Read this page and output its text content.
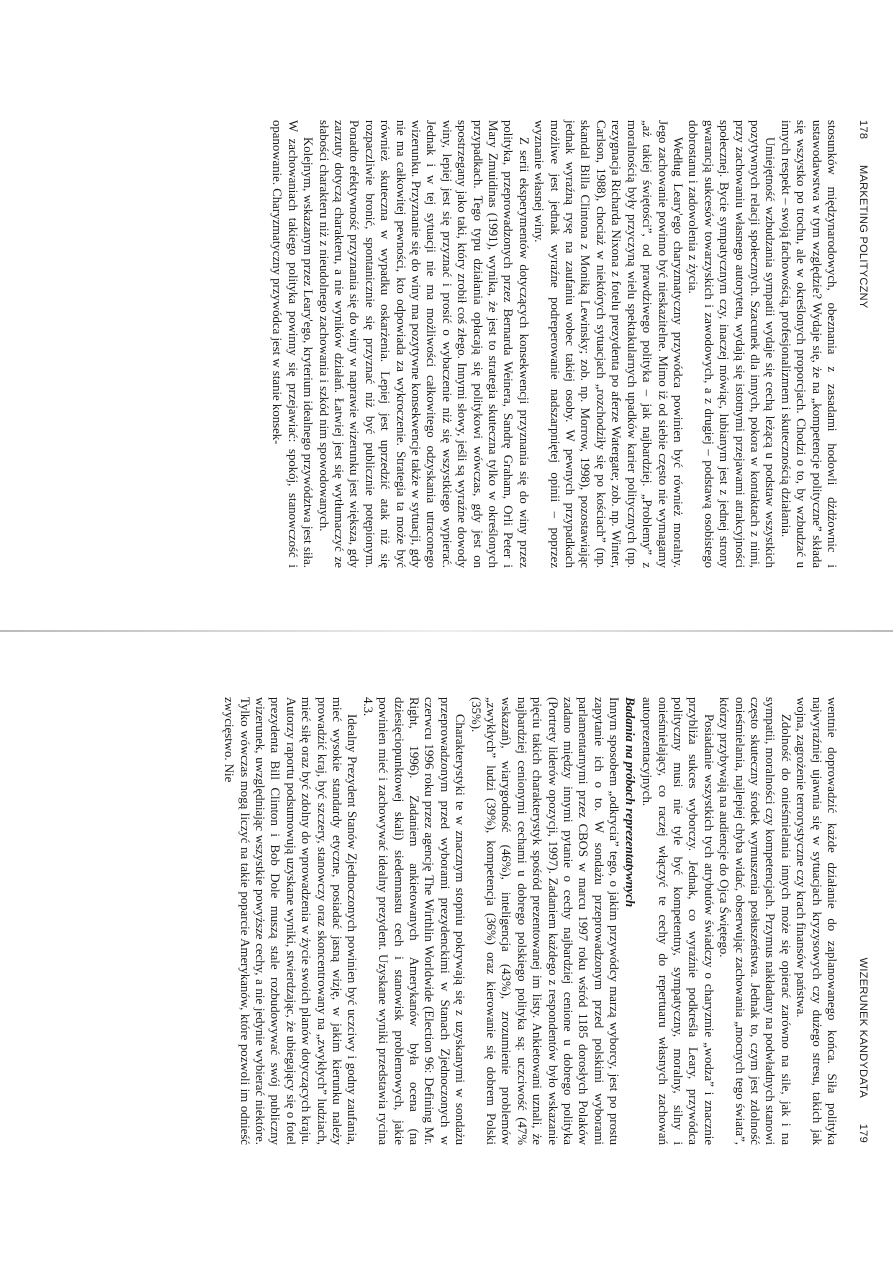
178
MARKETING POLITYCZNY

stosunków międzynarodowych, obeznania z zasadami hodowli dżdżownic i ustawodawstwa w tym względzie? Wydaje się, że na „kompetencje polityczne” składa się wszystko po trochu, ale w określonych proporcjach. Chodzi o to, by wzbudzać u innych respekt – swoją fachowością, profesjonalizmem i skutecznością działania.

Umiejętność wzbudzania sympatii wydaje się cechą leżącą u podstaw wszystkich pozytywnych relacji społecznych. Szacunek dla innych, pokora w kontaktach z nimi, przy zachowaniu własnego autorytetu, wydają się istotnymi przejawami atrakcyjności społecznej. Bycie sympatycznym czy, inaczej mówiąc, lubianym jest z jednej strony gwarancją sukcesów towarzyskich i zawodowych, a z drugiej – podstawą osobistego dobrostanu i zadowolenia z życia.

Według Leary'ego charyzmatyczny przywódca powinien być również moralny. Jego zachowanie powinno być nieskazitelne. Mimo iż od siebie często nie wymagamy „aż takiej świętości”, od prawdziwego polityka – jak najbardziej. „Problemy” z moralnością były przyczyną wielu spektakularnych upadków karier politycznych (np. rezygnacja Richarda Nixona z fotelu prezydenta po aferze Watergate; zob. np. Winter, Carlson, 1988), chociaż w niektórych sytuacjach „rozchodziły się po kościach” (np. skandal Billa Clintona z Moniką Lewinsky; zob. np. Morrow, 1998), pozostawiając jednak wyraźną rysę na zaufaniu wobec takiej osoby. W pewnych przypadkach możliwe jest jednak wyraźne podreperowanie nadszarpniętej opinii – poprzez wyznanie własnej winy.

Z serii eksperymentów dotyczących konsekwencji przyznania się do winy przez polityka, przeprowadzonych przez Bernarda Weinera, Sandrę Graham, Orli Peter i Mary Zmuidinas (1991), wynika, że jest to strategia skuteczna tylko w określonych przypadkach. Tego typu działania opłacają się politykowi wówczas, gdy jest on spostrzegany jako taki, który zrobił coś złego. Innymi słowy, jeśli są wyraźne dowody winy, lepiej jest się przyznać i prosić o wybaczenie niż się wszystkiego wypierać. Jednak i w tej sytuacji nie ma możliwości całkowitego odzyskania utraconego wizerunku. Przyznanie się do winy ma pozytywne konsekwencje także w sytuacji, gdy nie ma całkowitej pewności, kto odpowiada za wykroczenie. Strategia ta może być również skuteczna w wypadku oskarżenia. Lepiej jest uprzedzić atak niż się rozpaczliwie bronić, spontanicznie się przyznać niż być publicznie potępionym. Ponadto efektywność przyznania się do winy w naprawie wizerunku jest większa, gdy zarzuty dotyczą charakteru, a nie wyników działań. Łatwiej jest się wytłumaczyć ze słabości charakteru niż z nieudolnego zachowania i szkód nim spowodowanych.

Kolejnym, wskazanym przez Leary'ego, kryterium idealnego przywództwa jest siła. W zachowaniach takiego polityka powinny się przejawiać: spokój, stanowczość i opanowanie. Charyzmatyczny przywódca jest w stanie konsek-

WIZERUNEK KANDYDATA
179

wentnie doprowadzić każde działanie do zaplanowanego końca. Siła polityka najwyraźniej ujawnia się w sytuacjach kryzysowych czy dużego stresu, takich jak wojna, zagrożenie terrorystyczne czy krach finansów państwa.

Zdolność do onieśmielania innych może się opierać zarówno na sile, jak i na sympatii, moralności czy kompetencjach. Przymus nakładany na podwładnych stanowi często skuteczny środek wymuszenia posłuszeństwa. Jednak to, czym jest zdolność onieśmielania, najlepiej chyba widać, obserwując zachowania „mocnych tego świata”, którzy przybywają na audiencje do Ojca Świętego.

Posiadanie wszystkich tych atrybutów świadczy o charyzmie „wodza” i znacznie przybliża sukces wyborczy. Jednak, co wyraźnie podkreśla Leary, przywódca polityczny musi nie tyle być kompetentny, sympatyczny, moralny, silny i onieśmielający, co raczej włączyć te cechy do repertuaru własnych zachowań autoprezentacyjnych.

Badania na próbach reprezentatywnych

Innym sposobem „odkrycia” tego, o jakim przywódcy marzą wyborcy, jest po prostu zapytanie ich o to. W sondażu przeprowadzonym przed polskimi wyborami parlamentarnymi przez CBOS w marcu 1997 roku wśród 1185 dorosłych Polaków zadano między innymi pytanie o cechy najbardziej cenione u dobrego polityka (Portrety liderów opozycji, 1997). Zadaniem każdego z respondentów było wskazanie pięciu takich charakterystyk spośród prezentowanej im listy. Ankietowani uznali, że najbardziej cenionymi cechami u dobrego polskiego polityka są: uczciwość (47% wskazań), wiarygodność (46%), inteligencja (43%), zrozumienie problemów „zwykłych” ludzi (39%), kompetencja (36%) oraz kierowanie się dobrem Polski (35%).

Charakterystyki te w znacznym stopniu pokrywają się z uzyskanymi w sondażu przeprowadzonym przed wyborami prezydenckimi w Stanach Zjednoczonych w czerwcu 1996 roku przez agencję The Wirthlin Worldwide (Election 96: Defining Mr. Right, 1996). Zadaniem ankietowanych Amerykanów była ocena (na dziesięciopunktowej skali) siedemnastu cech i stanowisk problemowych, jakie powinien mieć i zachowywać idealny prezydent. Uzyskane wyniki przedstawia rycina 4.3.

Idealny Prezydent Stanów Zjednoczonych powinien być uczciwy i godny zaufania, mieć wysokie standardy etyczne, posiadać jasną wizję, w jakim kierunku należy prowadzić kraj, być szczery, stanowczy oraz skoncentrowany na „zwykłych” ludziach, mieć siłę oraz być zdolny do wprowadzenia w życie swoich planów dotyczących kraju. Autorzy raportu podsumowują uzyskane wyniki, stwierdzając, że ubiegający się o fotel prezydenta Bill Clinton i Bob Dole muszą stale rozbudowywać swój publiczny wizerunek, uwzględniając wszystkie powyższe cechy, a nie jedynie wybierać niektóre. Tylko wówczas mogą liczyć na takie poparcie Amerykanów, które pozwoli im odnieść zwycięstwo. Nie
